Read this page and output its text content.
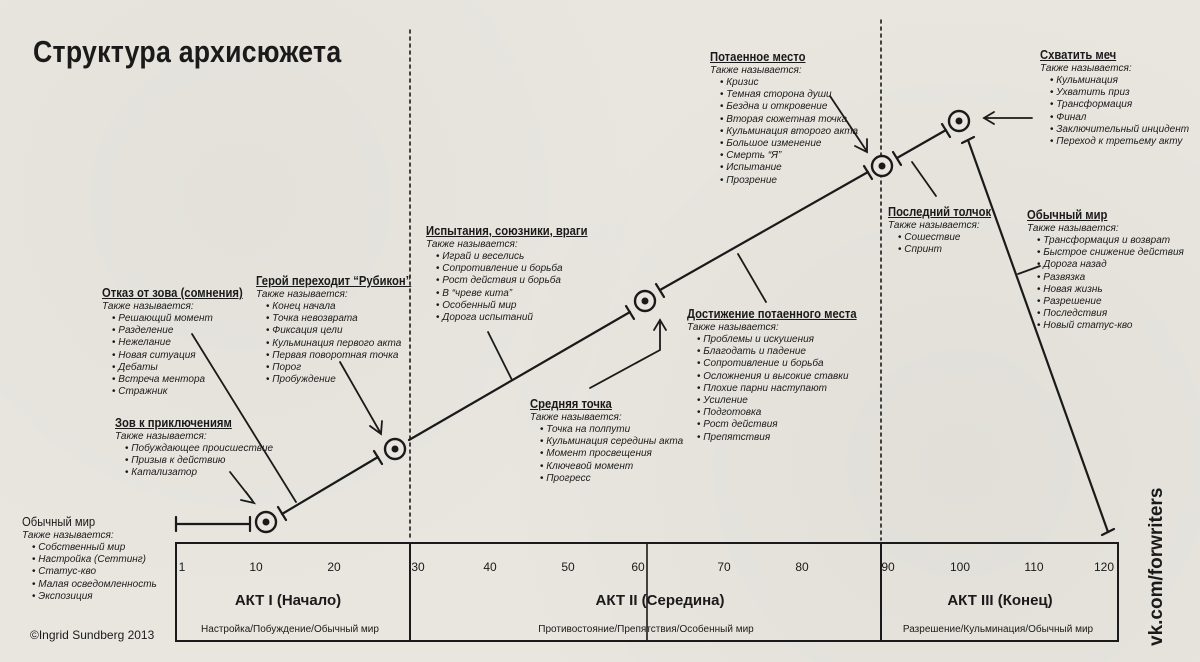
Структура архисюжета
Обычный мир
Также называется:
• Собственный мир
• Настройка (Сеттинг)
• Статус-кво
• Малая осведомленность
• Экспозиция
Зов к приключениям
Также называется:
• Побуждающее происшествие
• Призыв к действию
• Катализатор
Отказ от зова (сомнения)
Также называется:
• Решающий момент
• Разделение
• Нежелание
• Новая ситуация
• Дебаты
• Встреча ментора
• Стражник
Герой переходит “Рубикон”
Также называется:
• Конец начала
• Точка невозврата
• Фиксация цели
• Кульминация первого акта
• Первая поворотная точка
• Порог
• Пробуждение
Испытания, союзники, враги
Также называется:
• Играй и веселись
• Сопротивление и борьба
• Рост действия и борьба
• В “чреве кита”
• Особенный мир
• Дорога испытаний
Средняя точка
Также называется:
• Точка на полпути
• Кульминация середины акта
• Момент просвещения
• Ключевой момент
• Прогресс
Достижение потаенного места
Также называется:
• Проблемы и искушения
• Благодать и падение
• Сопротивление и борьба
• Осложнения и высокие ставки
• Плохие парни наступают
• Усиление
• Подготовка
• Рост действия
• Препятствия
Потаенное место
Также называется:
• Кризис
• Темная сторона души
• Бездна и откровение
• Вторая сюжетная точка
• Кульминация второго акта
• Большое изменение
• Смерть “Я”
• Испытание
• Прозрение
Последний толчок
Также называется:
• Сошествие
• Спринт
Схватить меч
Также называется:
• Кульминация
• Ухватить приз
• Трансформация
• Финал
• Заключительный инцидент
• Переход к третьему акту
Обычный мир
Также называется:
• Трансформация и возврат
• Быстрое снижение действия
• Дорога назад
• Развязка
• Новая жизнь
• Разрешение
• Последствия
• Новый статус-кво
1	10	20	30	40	50	60	70	80	90	100	110	120
АКТ I (Начало)	АКТ II (Середина)	АКТ III (Конец)
Настройка/Побуждение/Обычный мир	Противостояние/Препятствия/Особенный мир	Разрешение/Кульминация/Обычный мир
©Ingrid Sundberg 2013	vk.com/forwriters
